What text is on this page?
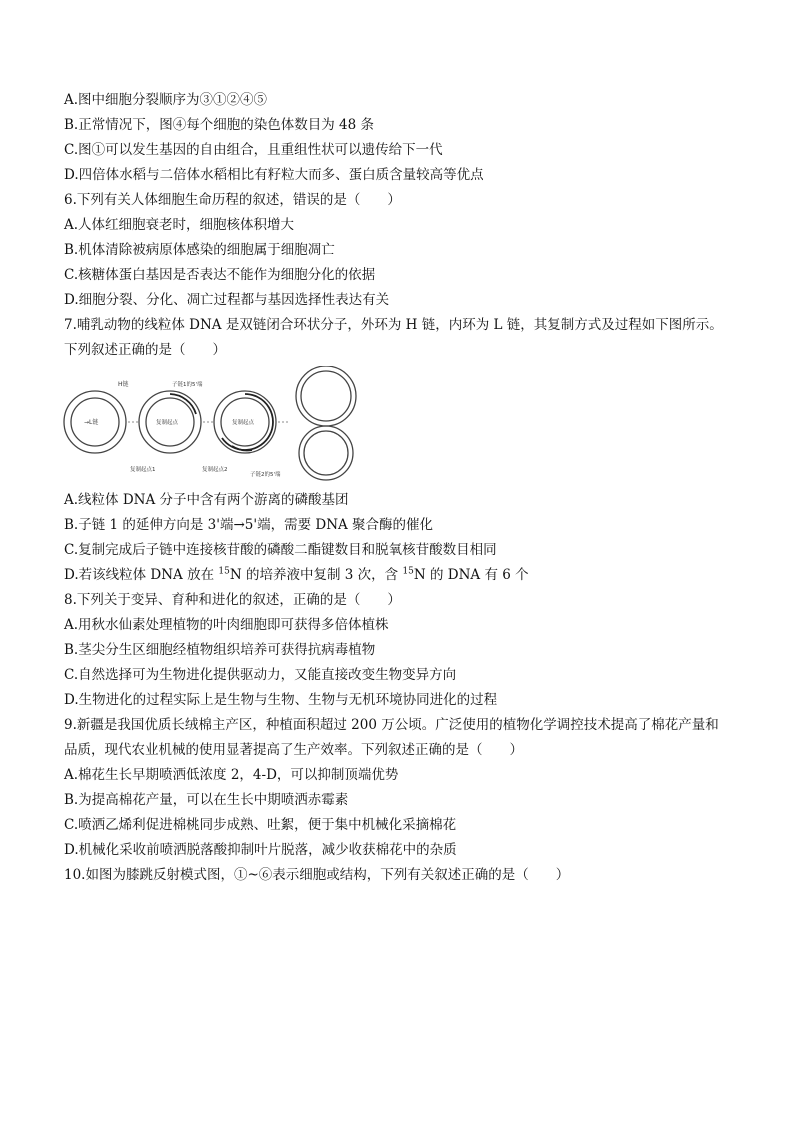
A.图中细胞分裂顺序为③①②④⑤
B.正常情况下，图④每个细胞的染色体数目为 48 条
C.图①可以发生基因的自由组合，且重组性状可以遗传给下一代
D.四倍体水稻与二倍体水稻相比有籽粒大而多、蛋白质含量较高等优点
6.下列有关人体细胞生命历程的叙述，错误的是（　　）
A.人体红细胞衰老时，细胞核体积增大
B.机体清除被病原体感染的细胞属于细胞凋亡
C.核糖体蛋白基因是否表达不能作为细胞分化的依据
D.细胞分裂、分化、凋亡过程都与基因选择性表达有关
7.哺乳动物的线粒体 DNA 是双链闭合环状分子，外环为 H 链，内环为 L 链，其复制方式及过程如下图所示。
下列叙述正确的是（　　）
H链
→L链
子链1的5'端
复制起点
复制起点1
复制起点
复制起点2
子链2的5'端
A.线粒体 DNA 分子中含有两个游离的磷酸基团
B.子链 1 的延伸方向是 3'端→5'端，需要 DNA 聚合酶的催化
C.复制完成后子链中连接核苷酸的磷酸二酯键数目和脱氧核苷酸数目相同
D.若该线粒体 DNA 放在 $^{15}$N 的培养液中复制 3 次，含 $^{15}$N 的 DNA 有 6 个
8.下列关于变异、育种和进化的叙述，正确的是（　　）
A.用秋水仙素处理植物的叶肉细胞即可获得多倍体植株
B.茎尖分生区细胞经植物组织培养可获得抗病毒植物
C.自然选择可为生物进化提供驱动力，又能直接改变生物变异方向
D.生物进化的过程实际上是生物与生物、生物与无机环境协同进化的过程
9.新疆是我国优质长绒棉主产区，种植面积超过 200 万公顷。广泛使用的植物化学调控技术提高了棉花产量和
品质，现代农业机械的使用显著提高了生产效率。下列叙述正确的是（　　）
A.棉花生长早期喷洒低浓度 2，4-D，可以抑制顶端优势
B.为提高棉花产量，可以在生长中期喷洒赤霉素
C.喷洒乙烯利促进棉桃同步成熟、吐絮，便于集中机械化采摘棉花
D.机械化采收前喷洒脱落酸抑制叶片脱落，减少收获棉花中的杂质
10.如图为膝跳反射模式图，①~⑥表示细胞或结构，下列有关叙述正确的是（　　）
